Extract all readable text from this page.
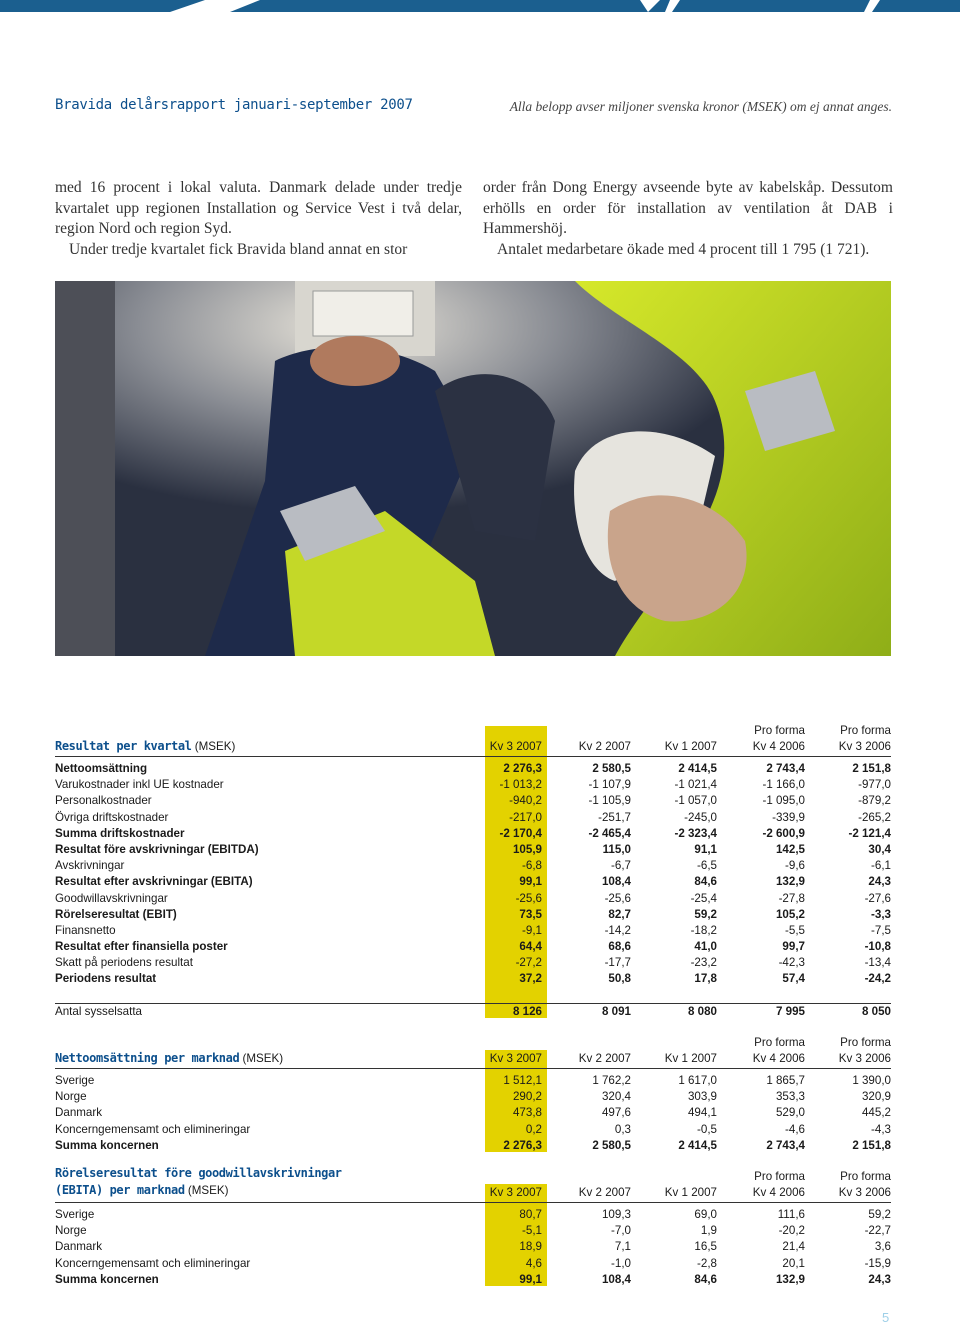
Bravida delårsrapport januari-september 2007	Alla belopp avser miljoner svenska kronor (MSEK) om ej annat anges.

med 16 procent i lokal valuta. Danmark delade under tredje kvartalet upp regionen Installation og Service Vest i två delar, region Nord och region Syd.

Under tredje kvartalet fick Bravida bland annat en stor

order från Dong Energy avseende byte av kabelskåp. Dessutom erhölls en order för installation av ventilation åt DAB i Hammershöj.

Antalet medarbetare ökade med 4 procent till 1 795 (1 721).

Resultat per kvartal (MSEK)
Pro forma	Pro forma
Kv 3 2007	Kv 2 2007	Kv 1 2007	Kv 4 2006	Kv 3 2006
Nettoomsättning	2 276,3	2 580,5	2 414,5	2 743,4	2 151,8
Varukostnader inkl UE kostnader	-1 013,2	-1 107,9	-1 021,4	-1 166,0	-977,0
Personalkostnader	-940,2	-1 105,9	-1 057,0	-1 095,0	-879,2
Övriga driftskostnader	-217,0	-251,7	-245,0	-339,9	-265,2
Summa driftskostnader	-2 170,4	-2 465,4	-2 323,4	-2 600,9	-2 121,4
Resultat före avskrivningar (EBITDA)	105,9	115,0	91,1	142,5	30,4
Avskrivningar	-6,8	-6,7	-6,5	-9,6	-6,1
Resultat efter avskrivningar (EBITA)	99,1	108,4	84,6	132,9	24,3
Goodwillavskrivningar	-25,6	-25,6	-25,4	-27,8	-27,6
Rörelseresultat (EBIT)	73,5	82,7	59,2	105,2	-3,3
Finansnetto	-9,1	-14,2	-18,2	-5,5	-7,5
Resultat efter finansiella poster	64,4	68,6	41,0	99,7	-10,8
Skatt på periodens resultat	-27,2	-17,7	-23,2	-42,3	-13,4
Periodens resultat	37,2	50,8	17,8	57,4	-24,2
Antal sysselsatta	8 126	8 091	8 080	7 995	8 050
Nettoomsättning per marknad (MSEK)
Pro forma	Pro forma
Kv 3 2007	Kv 2 2007	Kv 1 2007	Kv 4 2006	Kv 3 2006
Sverige	1 512,1	1 762,2	1 617,0	1 865,7	1 390,0
Norge	290,2	320,4	303,9	353,3	320,9
Danmark	473,8	497,6	494,1	529,0	445,2
Koncerngemensamt och elimineringar	0,2	0,3	-0,5	-4,6	-4,3
Summa koncernen	2 276,3	2 580,5	2 414,5	2 743,4	2 151,8
Rörelseresultat före goodwillavskrivningar
(EBITA) per marknad (MSEK)
Pro forma	Pro forma
Kv 3 2007	Kv 2 2007	Kv 1 2007	Kv 4 2006	Kv 3 2006
Sverige	80,7	109,3	69,0	111,6	59,2
Norge	-5,1	-7,0	1,9	-20,2	-22,7
Danmark	18,9	7,1	16,5	21,4	3,6
Koncerngemensamt och elimineringar	4,6	-1,0	-2,8	20,1	-15,9
Summa koncernen	99,1	108,4	84,6	132,9	24,3
5
